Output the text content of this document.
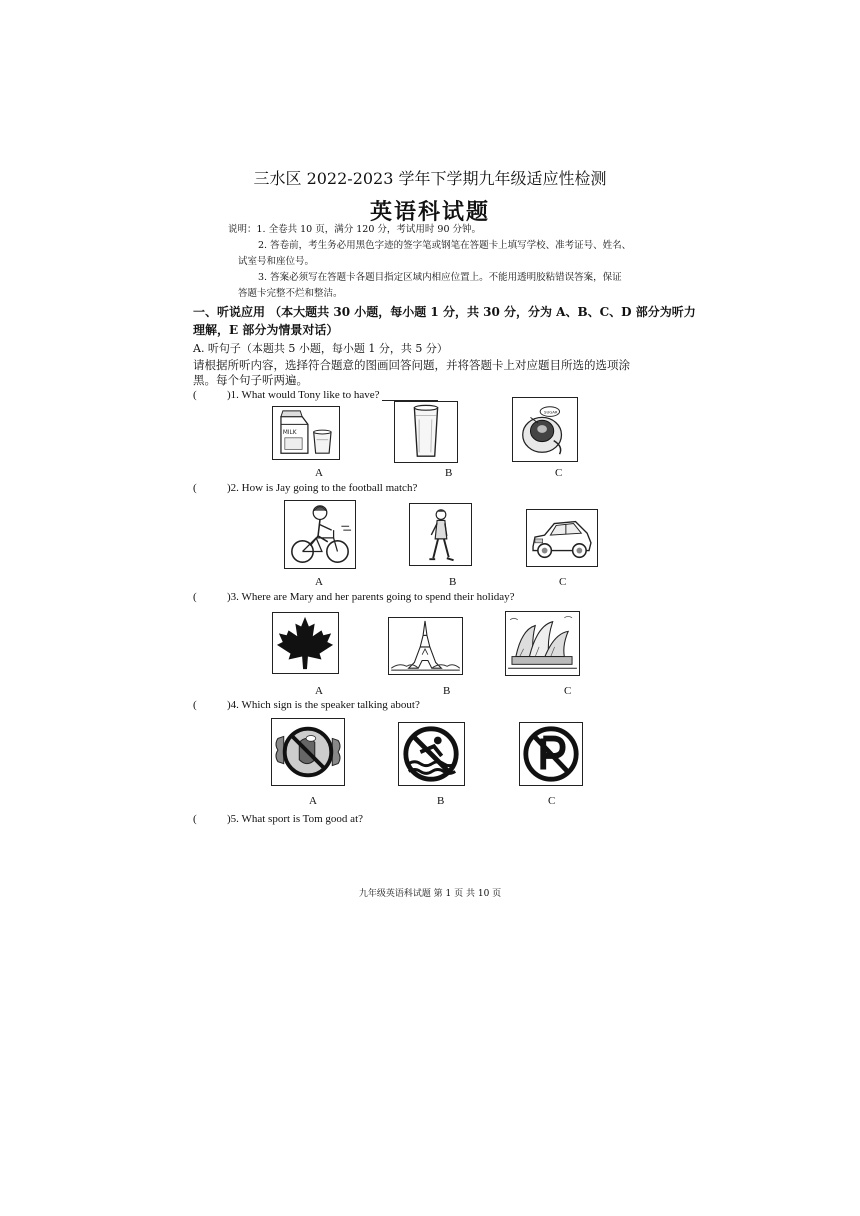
三水区 2022-2023 学年下学期九年级适应性检测
英语科试题
说明：1. 全卷共 10 页，满分 120 分，考试用时 90 分钟。
2. 答卷前，考生务必用黑色字迹的签字笔或钢笔在答题卡上填写学校、准考证号、姓名、
试室号和座位号。
3. 答案必须写在答题卡各题目指定区域内相应位置上。不能用透明胶粘错误答案，保证
答题卡完整不烂和整洁。
一、听说应用 （本大题共 30 小题，每小题 1 分，共 30 分，分为 A、B、C、D 部分为听力
理解，E 部分为情景对话）
A. 听句子（本题共 5 小题，每小题 1 分，共 5 分）
请根据所听内容，选择符合题意的图画回答问题，并将答题卡上对应题目所选的选项涂
黑。每个句子听两遍。
(	)1. What would Tony like to have?
MILK
SUGAR
A	B	C
(	)2. How is Jay going to the football match?
A	B	C
(	)3. Where are Mary and her parents going to spend their holiday?
A	B	C
(	)4. Which sign is the speaker talking about?
A	B	C
(	)5. What sport is Tom good at?
九年级英语科试题 第 1 页 共 10 页
